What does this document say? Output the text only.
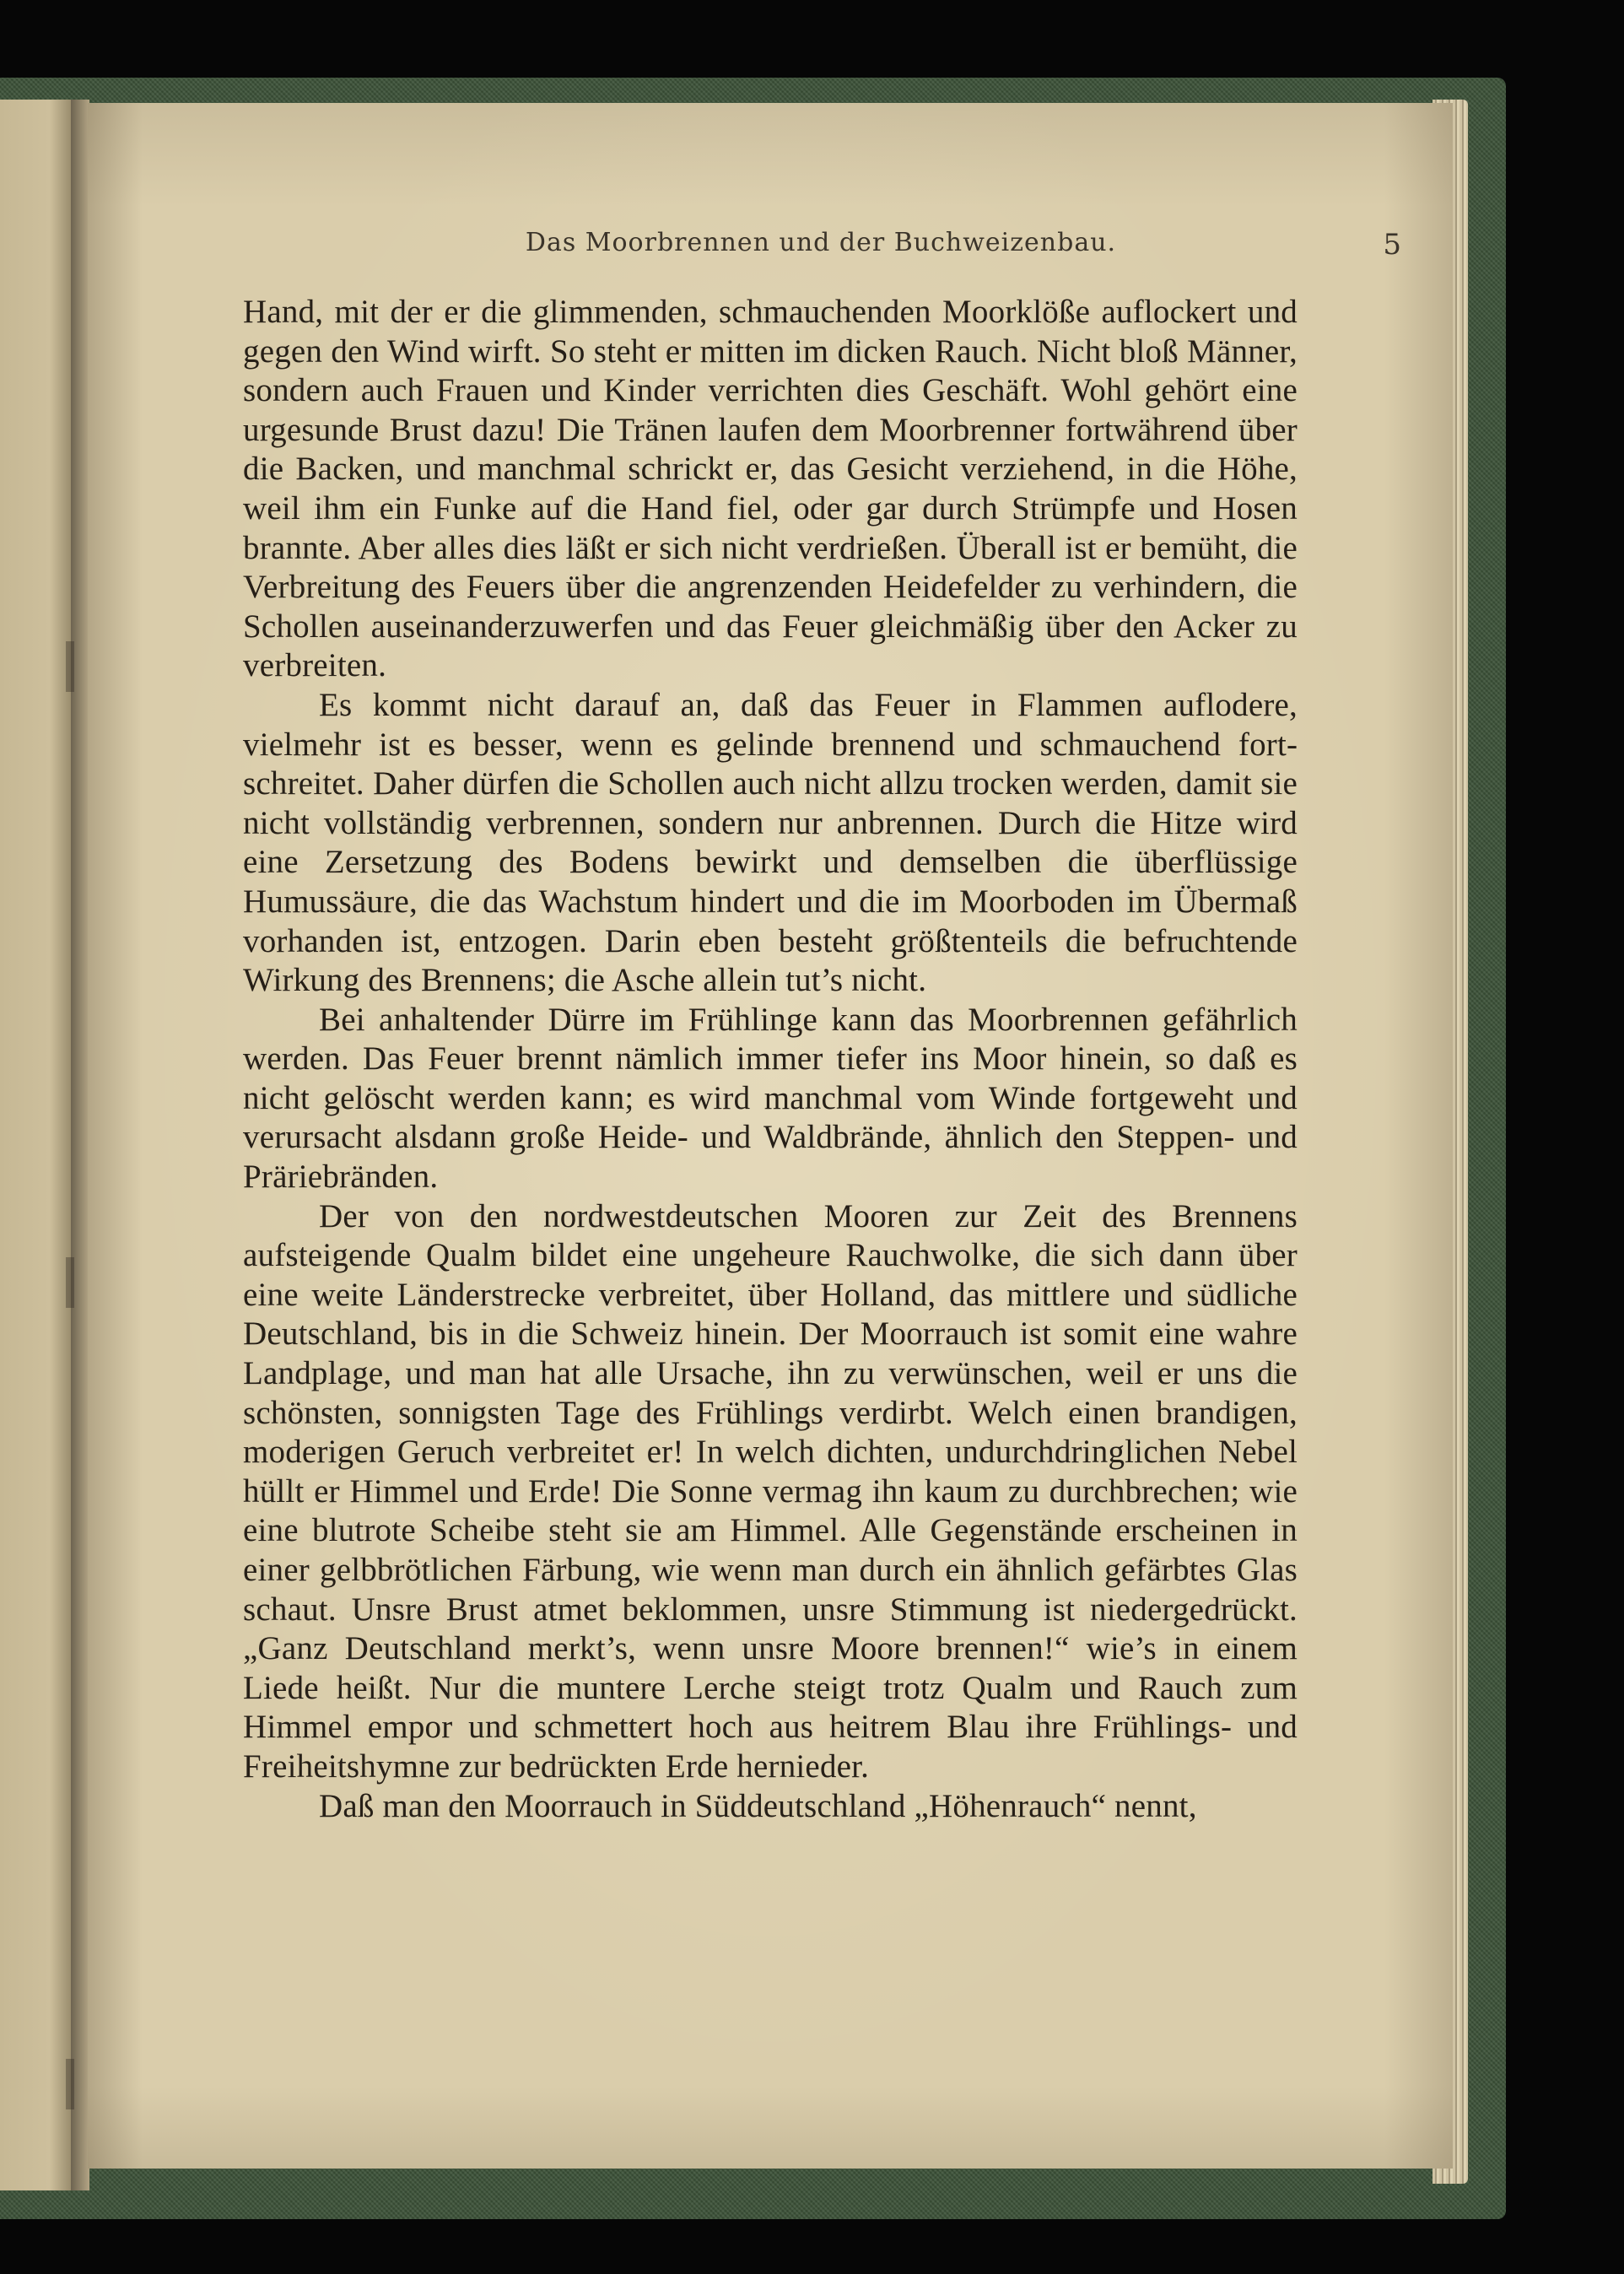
Das Moorbrennen und der Buchweizenbau.	5

Hand, mit der er die glimmenden, schmauchenden Moorklöße auflockert und gegen den Wind wirft. So steht er mitten im dicken Rauch. Nicht bloß Männer, sondern auch Frauen und Kinder verrichten dies Geschäft. Wohl gehört eine urgesunde Brust dazu! Die Tränen laufen dem Moorbrenner fortwährend über die Backen, und manchmal schrickt er, das Gesicht verziehend, in die Höhe, weil ihm ein Funke auf die Hand fiel, oder gar durch Strümpfe und Hosen brannte. Aber alles dies läßt er sich nicht verdrießen. Überall ist er bemüht, die Verbreitung des Feuers über die angrenzenden Heidefelder zu verhindern, die Schollen auseinanderzuwerfen und das Feuer gleichmäßig über den Acker zu verbreiten.

Es kommt nicht darauf an, daß das Feuer in Flammen auflodere, vielmehr ist es besser, wenn es gelinde brennend und schmauchend fortschreitet. Daher dürfen die Schollen auch nicht allzu trocken werden, damit sie nicht vollständig verbrennen, sondern nur anbrennen. Durch die Hitze wird eine Zersetzung des Bodens bewirkt und demselben die überflüssige Humussäure, die das Wachstum hindert und die im Moorboden im Übermaß vorhanden ist, entzogen. Darin eben besteht größtenteils die befruchtende Wirkung des Brennens; die Asche allein tut’s nicht.

Bei anhaltender Dürre im Frühlinge kann das Moorbrennen gefährlich werden. Das Feuer brennt nämlich immer tiefer ins Moor hinein, so daß es nicht gelöscht werden kann; es wird manchmal vom Winde fortgeweht und verursacht alsdann große Heide- und Waldbrände, ähnlich den Steppen- und Präriebränden.

Der von den nordwestdeutschen Mooren zur Zeit des Brennens aufsteigende Qualm bildet eine ungeheure Rauchwolke, die sich dann über eine weite Länderstrecke verbreitet, über Holland, das mittlere und südliche Deutschland, bis in die Schweiz hinein. Der Moorrauch ist somit eine wahre Landplage, und man hat alle Ursache, ihn zu verwünschen, weil er uns die schönsten, sonnigsten Tage des Frühlings verdirbt. Welch einen brandigen, moderigen Geruch verbreitet er! In welch dichten, undurchdringlichen Nebel hüllt er Himmel und Erde! Die Sonne vermag ihn kaum zu durchbrechen; wie eine blutrote Scheibe steht sie am Himmel. Alle Gegenstände erscheinen in einer gelbbrötlichen Färbung, wie wenn man durch ein ähnlich gefärbtes Glas schaut. Unsre Brust atmet beklommen, unsre Stimmung ist niedergedrückt. „Ganz Deutschland merkt’s, wenn unsre Moore brennen!“ wie’s in einem Liede heißt. Nur die muntere Lerche steigt trotz Qualm und Rauch zum Himmel empor und schmettert hoch aus heitrem Blau ihre Frühlings- und Freiheitshymne zur bedrückten Erde hernieder.

Daß man den Moorrauch in Süddeutschland „Höhenrauch“ nennt,
